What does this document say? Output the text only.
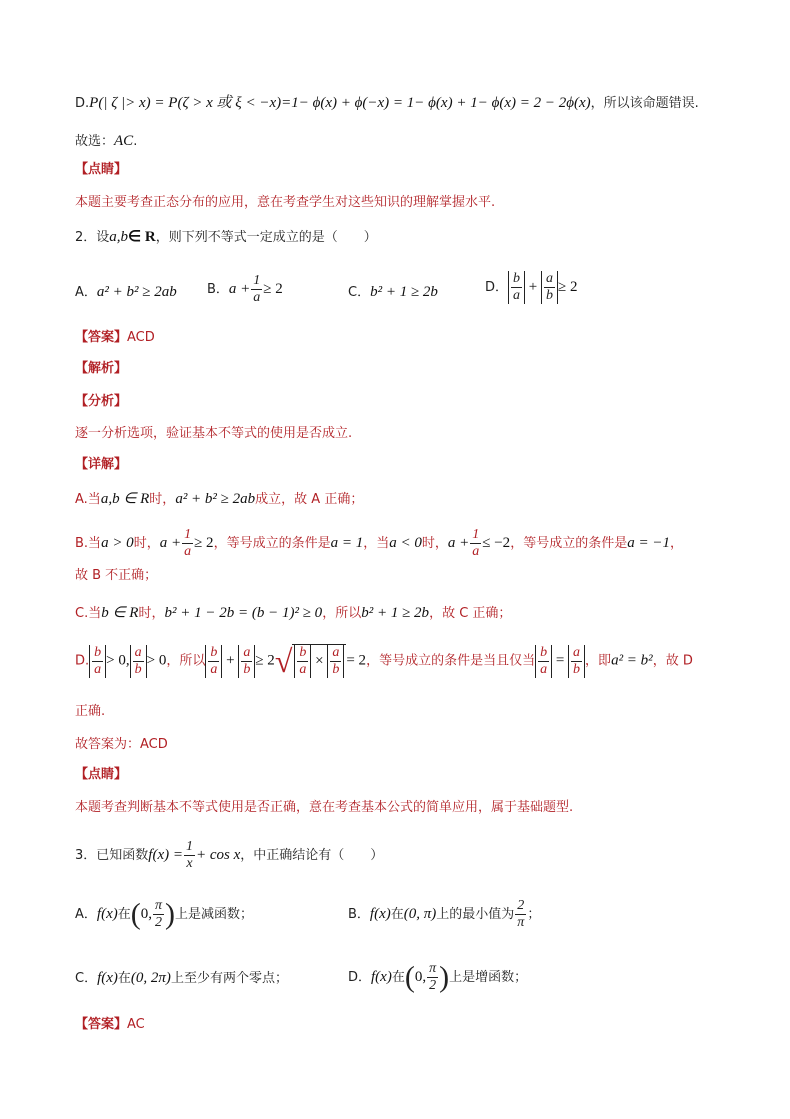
D.P(| ζ |> x) = P(ζ > x 或 ξ < −x)=1− ϕ(x) + ϕ(−x) = 1− ϕ(x) + 1− ϕ(x) = 2 − 2ϕ(x)，所以该命题错误.
故选：AC.
【点睛】
本题主要考查正态分布的应用，意在考查学生对这些知识的理解掌握水平.
2．设a,b∈ R，则下列不等式一定成立的是（　　）
A．a² + b² ≥ 2ab B．$a + \frac{1}{a} \ge 2$	C．b² + 1 ≥ 2b	D． $\frac{b}{a} + \frac{a}{b} \ge 2$
【答案】ACD
【解析】
【分析】
逐一分析选项，验证基本不等式的使用是否成立.
【详解】
A.当a,b ∈ R时，a² + b² ≥ 2ab成立，故 A 正确；
B.当a > 0时，$a + \frac{1}{a} \ge 2$，等号成立的条件是a = 1，当a < 0时，$a + \frac{1}{a} \le -2$，等号成立的条件是a = −1，
故 B 不正确；
C.当b ∈ R时，b² + 1 − 2b = (b − 1)² ≥ 0，所以b² + 1 ≥ 2b，故 C 正确；
D. $\frac{b}{a} > 0$, $\frac{a}{b} > 0$，所以 $\frac{b}{a} + \frac{a}{b} \ge 2√ \frac{b}{a} \times \frac{a}{b} = 2$，等号成立的条件是当且仅当 $\frac{b}{a} = \frac{a}{b}$ ，即a² = b²，故 D
正确.
故答案为：ACD
【点睛】
本题考查判断基本不等式使用是否正确，意在考查基本公式的简单应用，属于基础题型.
3．已知函数$f(x) = \frac{1}{x} + \cos x$，中正确结论有（　　）
A．f(x)在(0, $\frac{\pi}{2}$ )上是减函数；	B．f(x)在(0, π)上的最小值为 $\frac{2}{\pi}$ ；
C．f(x)在(0, 2π)上至少有两个零点；	D．f(x)在(0, $\frac{\pi}{2}$ )上是增函数；
【答案】AC
